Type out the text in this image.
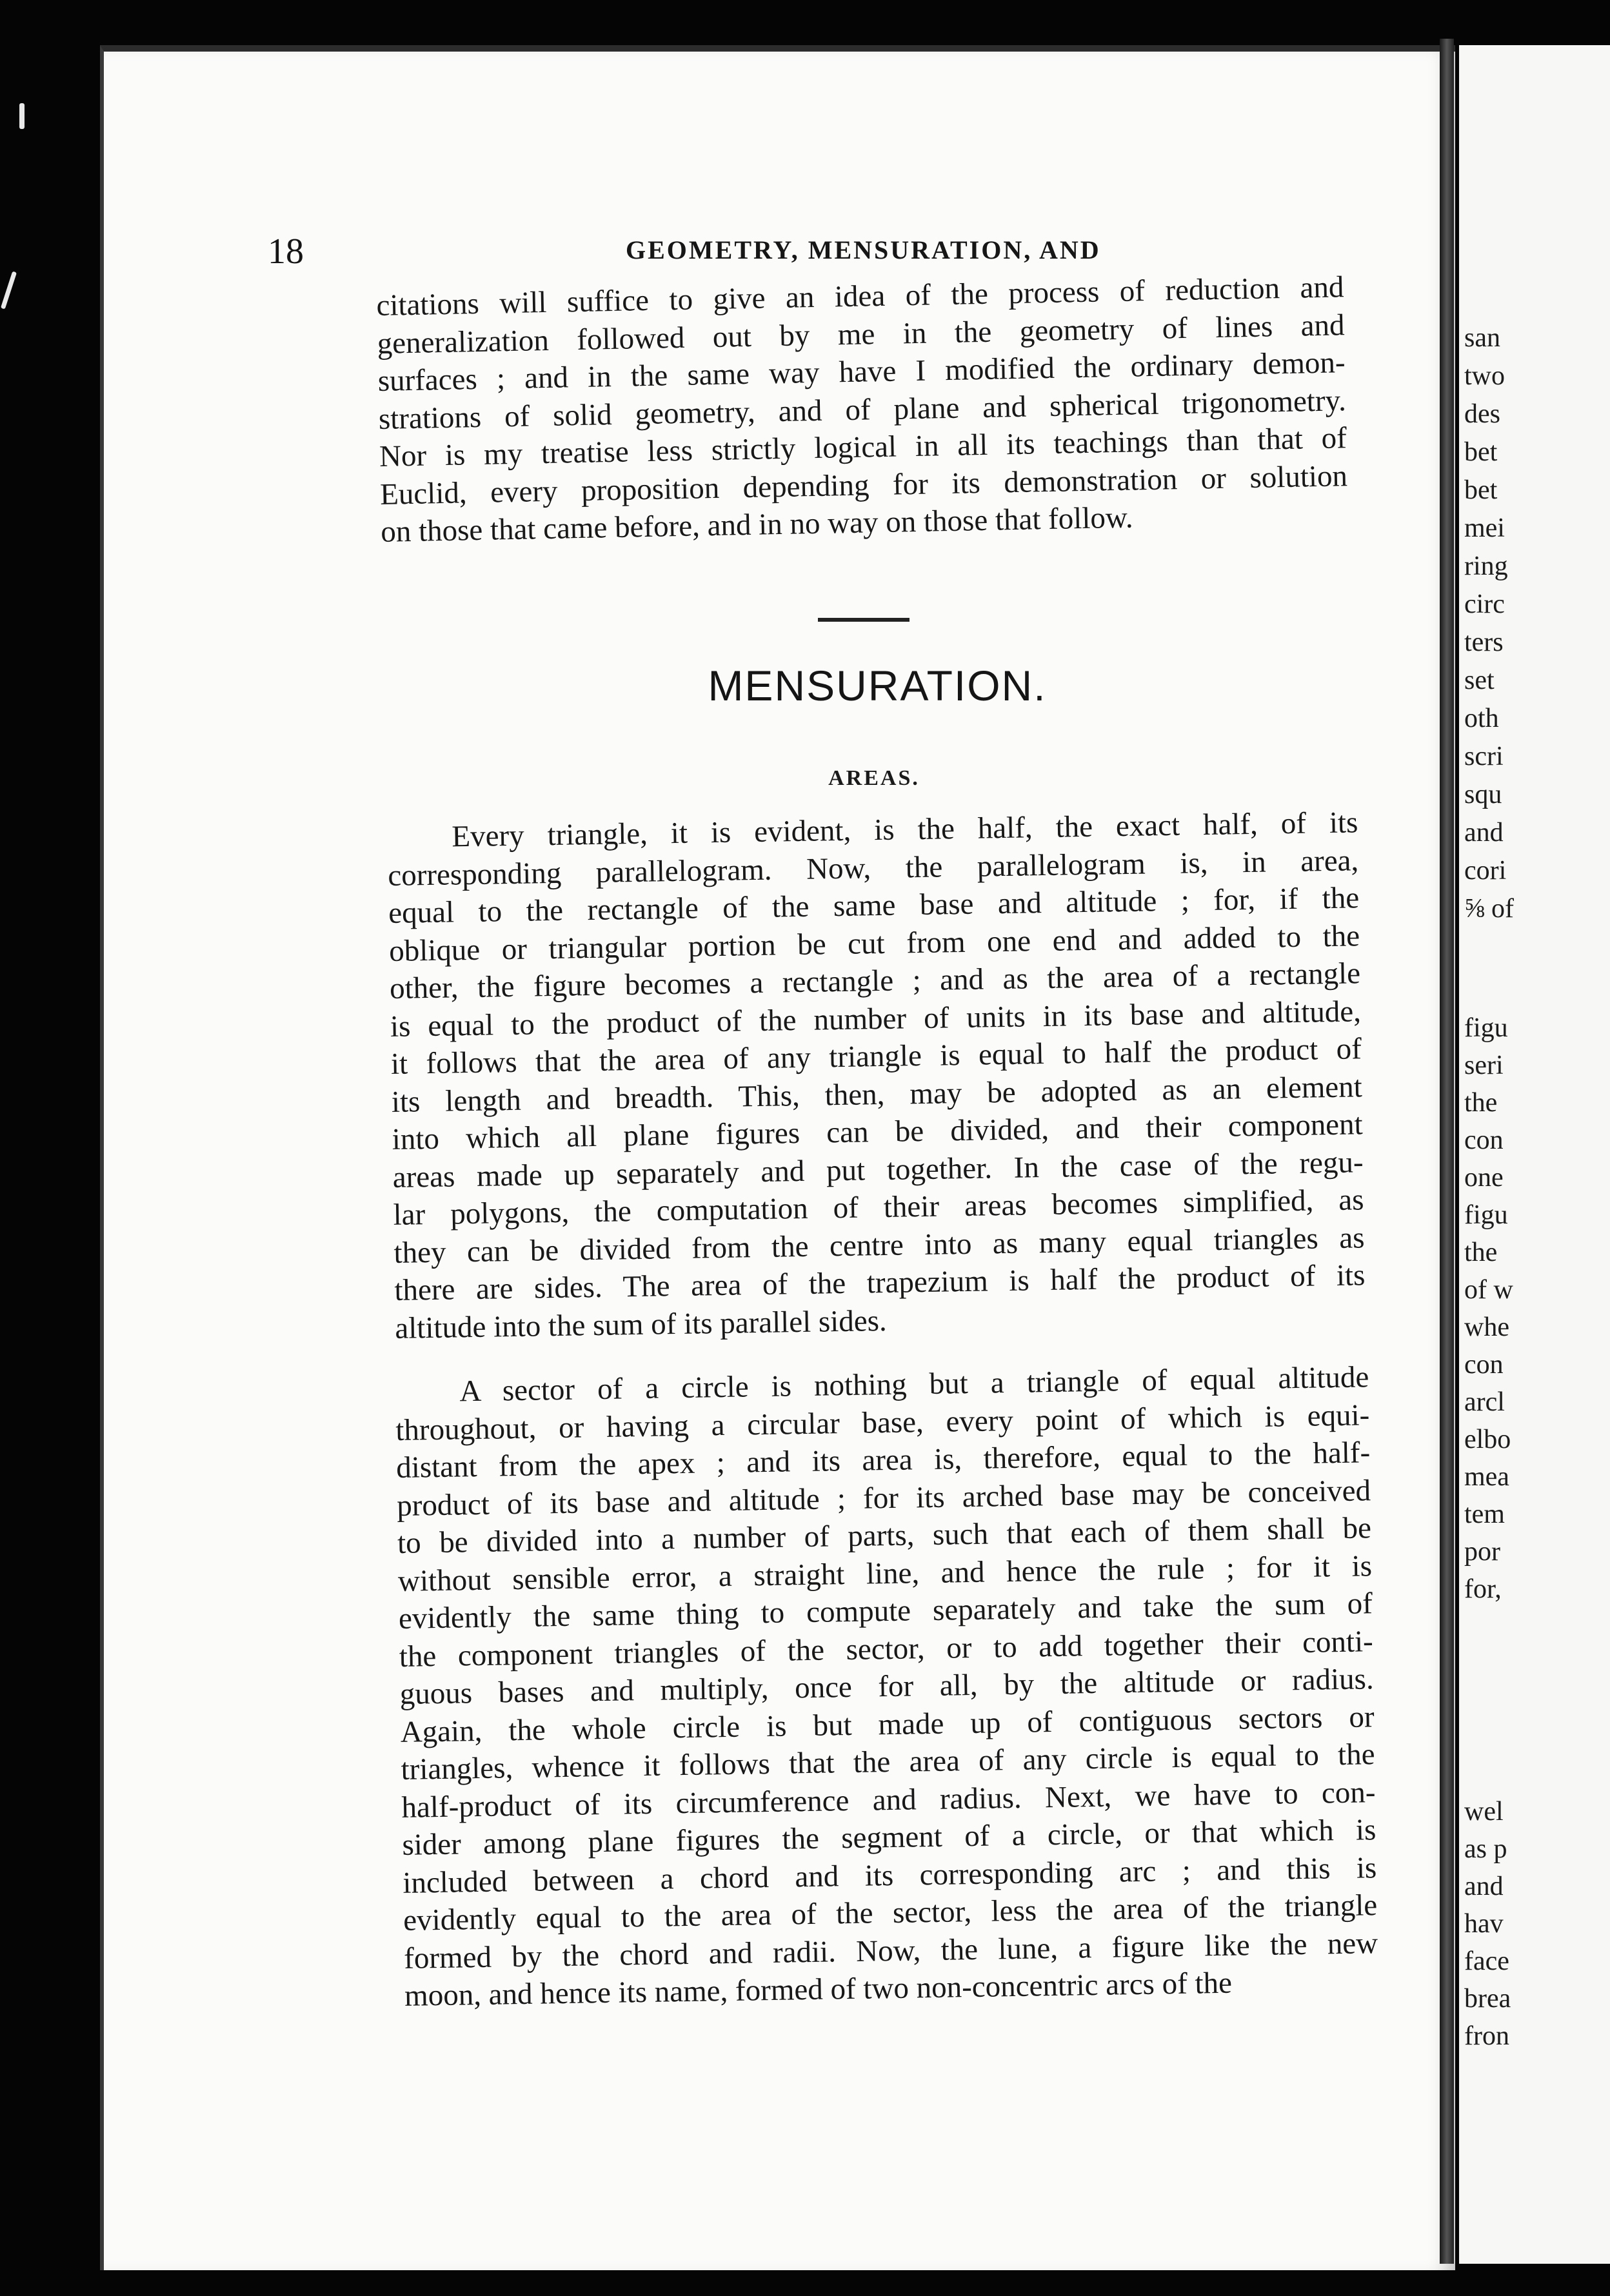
san
two
des
bet
bet
mei
ring
circ
ters
set
oth
scri
squ
and
cori
⅝ of
figu
seri
the
con
one
figu
the
of w
whe
con
arcl
elbo
mea
tem
por
for,
wel
as p
and
hav
face
brea
fron
18	GEOMETRY, MENSURATION, AND
citations will suffice to give an idea of the process of reduction and
generalization followed out by me in the geometry of lines and
surfaces ; and in the same way have I modified the ordinary demon-
strations of solid geometry, and of plane and spherical trigonometry.
Nor is my treatise less strictly logical in all its teachings than that of
Euclid, every proposition depending for its demonstration or solution
on those that came before, and in no way on those that follow.
MENSURATION.
AREAS.
Every triangle, it is evident, is the half, the exact half, of its
corresponding parallelogram. Now, the parallelogram is, in area,
equal to the rectangle of the same base and altitude ; for, if the
oblique or triangular portion be cut from one end and added to the
other, the figure becomes a rectangle ; and as the area of a rectangle
is equal to the product of the number of units in its base and altitude,
it follows that the area of any triangle is equal to half the product of
its length and breadth. This, then, may be adopted as an element
into which all plane figures can be divided, and their component
areas made up separately and put together. In the case of the regu-
lar polygons, the computation of their areas becomes simplified, as
they can be divided from the centre into as many equal triangles as
there are sides. The area of the trapezium is half the product of its
altitude into the sum of its parallel sides.
A sector of a circle is nothing but a triangle of equal altitude
throughout, or having a circular base, every point of which is equi-
distant from the apex ; and its area is, therefore, equal to the half-
product of its base and altitude ; for its arched base may be conceived
to be divided into a number of parts, such that each of them shall be
without sensible error, a straight line, and hence the rule ; for it is
evidently the same thing to compute separately and take the sum of
the component triangles of the sector, or to add together their conti-
guous bases and multiply, once for all, by the altitude or radius.
Again, the whole circle is but made up of contiguous sectors or
triangles, whence it follows that the area of any circle is equal to the
half-product of its circumference and radius. Next, we have to con-
sider among plane figures the segment of a circle, or that which is
included between a chord and its corresponding arc ; and this is
evidently equal to the area of the sector, less the area of the triangle
formed by the chord and radii. Now, the lune, a figure like the new
moon, and hence its name, formed of two non-concentric arcs of the
